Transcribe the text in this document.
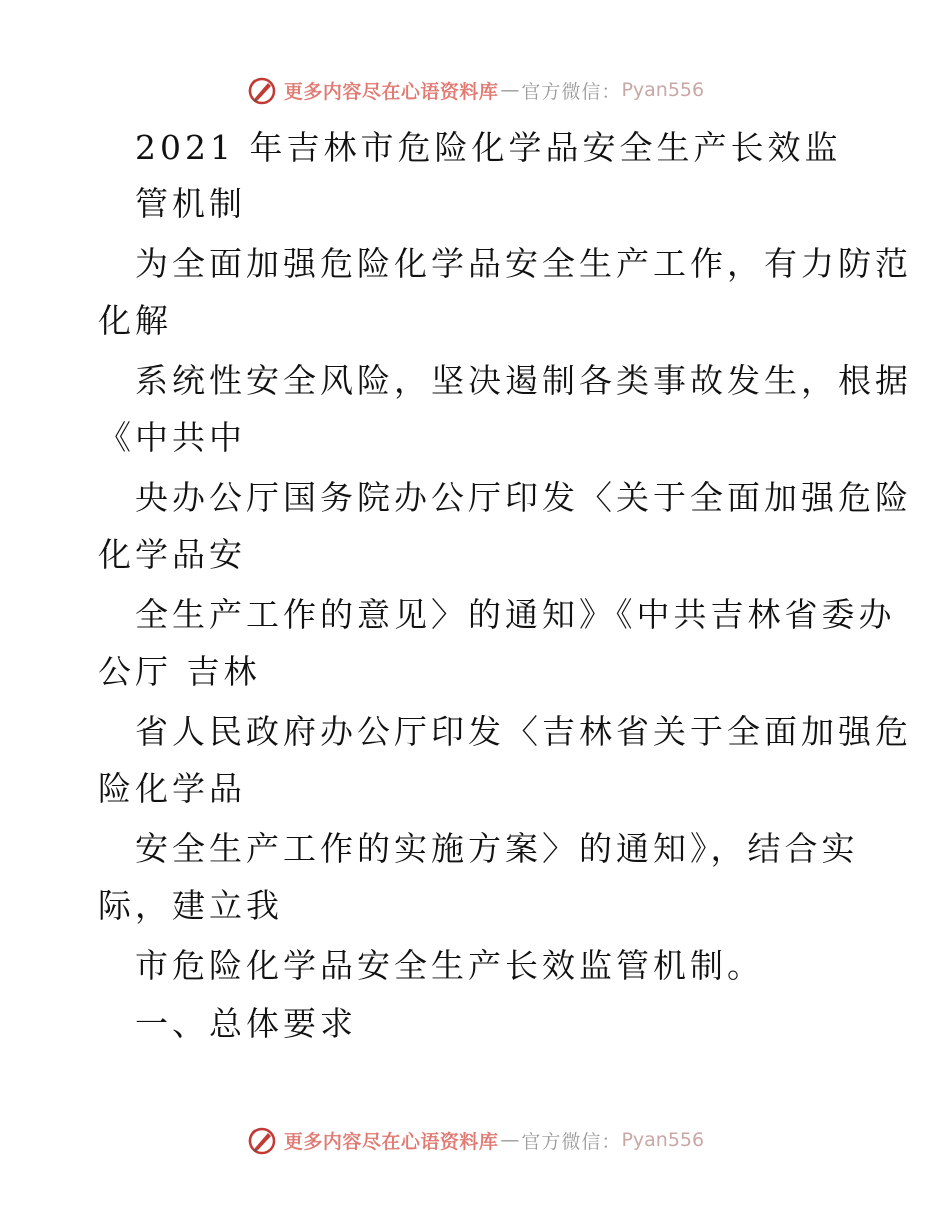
更多内容尽在心语资料库 — 官方微信： Pyan556
2021 年吉林市危险化学品安全生产长效监
管机制
为全面加强危险化学品安全生产工作，有力防范
化解
系统性安全风险，坚决遏制各类事故发生，根据
《中共中
央办公厅国务院办公厅印发〈关于全面加强危险
化学品安
全生产工作的意见〉的通知》《中共吉林省委办
公厅 吉林
省人民政府办公厅印发〈吉林省关于全面加强危
险化学品
安全生产工作的实施方案〉的通知》，结合实
际，建立我
市危险化学品安全生产长效监管机制。
一、总体要求
更多内容尽在心语资料库 — 官方微信： Pyan556
